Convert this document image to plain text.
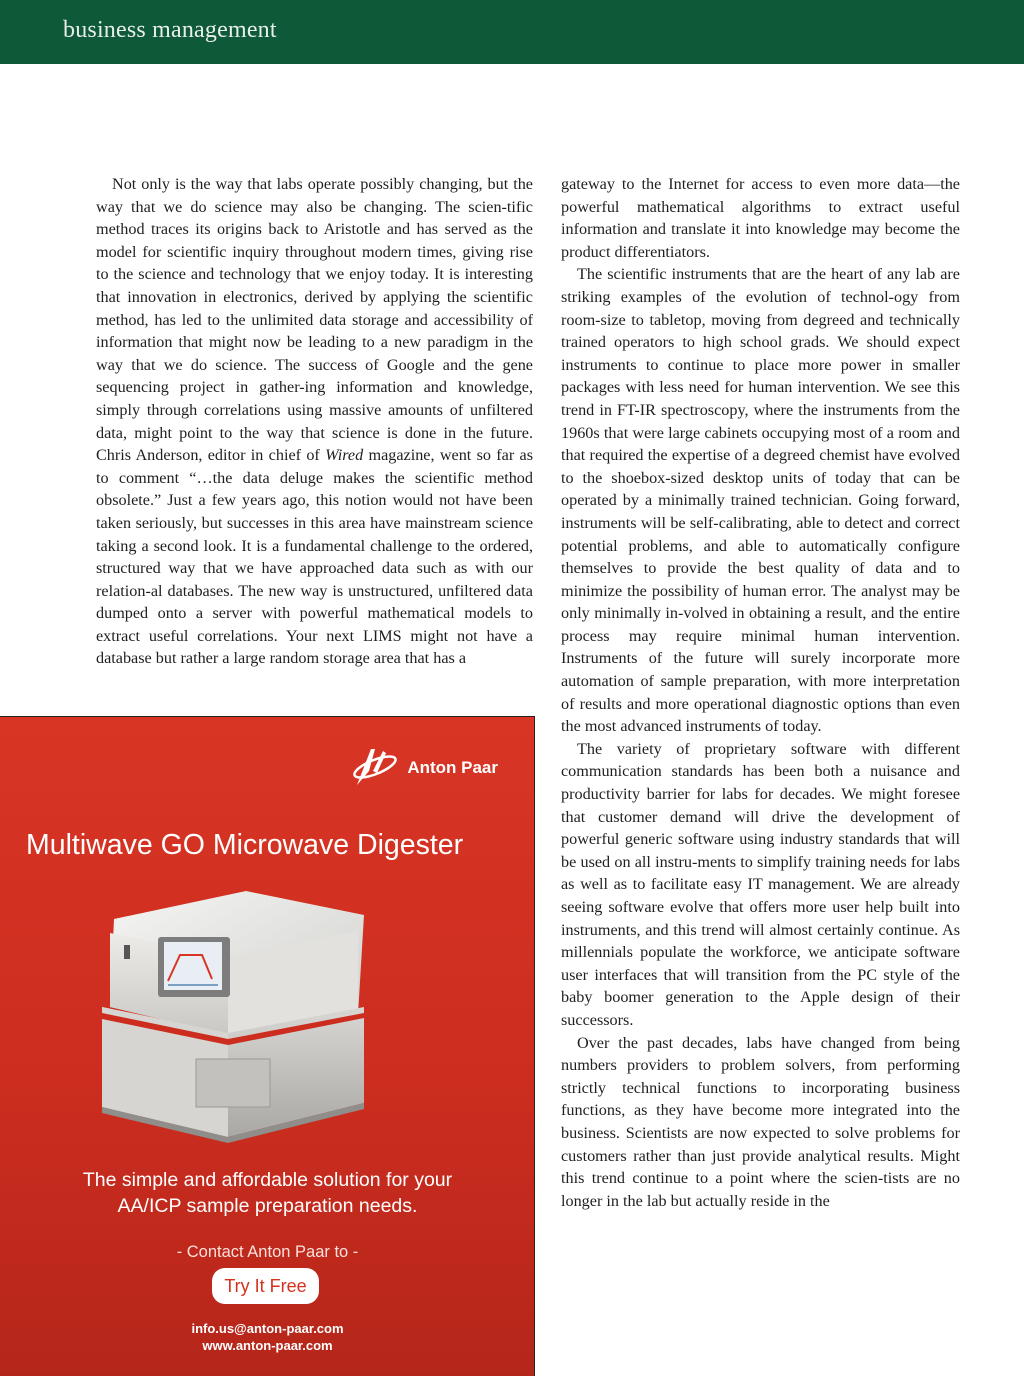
business management

Not only is the way that labs operate possibly changing, but the way that we do science may also be changing. The scien-tific method traces its origins back to Aristotle and has served as the model for scientific inquiry throughout modern times, giving rise to the science and technology that we enjoy today. It is interesting that innovation in electronics, derived by applying the scientific method, has led to the unlimited data storage and accessibility of information that might now be leading to a new paradigm in the way that we do science. The success of Google and the gene sequencing project in gather-ing information and knowledge, simply through correlations using massive amounts of unfiltered data, might point to the way that science is done in the future. Chris Anderson, editor in chief of Wired magazine, went so far as to comment “…the data deluge makes the scientific method obsolete.” Just a few years ago, this notion would not have been taken seriously, but successes in this area have mainstream science taking a second look. It is a fundamental challenge to the ordered, structured way that we have approached data such as with our relation-al databases. The new way is unstructured, unfiltered data dumped onto a server with powerful mathematical models to extract useful correlations. Your next LIMS might not have a database but rather a large random storage area that has a

gateway to the Internet for access to even more data—the powerful mathematical algorithms to extract useful information and translate it into knowledge may become the product differentiators.

The scientific instruments that are the heart of any lab are striking examples of the evolution of technol-ogy from room-size to tabletop, moving from degreed and technically trained operators to high school grads. We should expect instruments to continue to place more power in smaller packages with less need for human intervention. We see this trend in FT-IR spectroscopy, where the instruments from the 1960s that were large cabinets occupying most of a room and that required the expertise of a degreed chemist have evolved to the shoebox-sized desktop units of today that can be operated by a minimally trained technician. Going forward, instruments will be self-calibrating, able to detect and correct potential problems, and able to automatically configure themselves to provide the best quality of data and to minimize the possibility of human error. The analyst may be only minimally in-volved in obtaining a result, and the entire process may require minimal human intervention. Instruments of the future will surely incorporate more automation of sample preparation, with more interpretation of results and more operational diagnostic options than even the most advanced instruments of today.

The variety of proprietary software with different communication standards has been both a nuisance and productivity barrier for labs for decades. We might foresee that customer demand will drive the development of powerful generic software using industry standards that will be used on all instru-ments to simplify training needs for labs as well as to facilitate easy IT management. We are already seeing software evolve that offers more user help built into instruments, and this trend will almost certainly continue. As millennials populate the workforce, we anticipate software user interfaces that will transition from the PC style of the baby boomer generation to the Apple design of their successors.

Over the past decades, labs have changed from being numbers providers to problem solvers, from performing strictly technical functions to incorporating business functions, as they have become more integrated into the business. Scientists are now expected to solve problems for customers rather than just provide analytical results. Might this trend continue to a point where the scien-tists are no longer in the lab but actually reside in the

Anton Paar
Multiwave GO Microwave Digester
The simple and affordable solution for your
AA/ICP sample preparation needs.
- Contact Anton Paar to -
Try It Free
info.us@anton-paar.com
www.anton-paar.com
